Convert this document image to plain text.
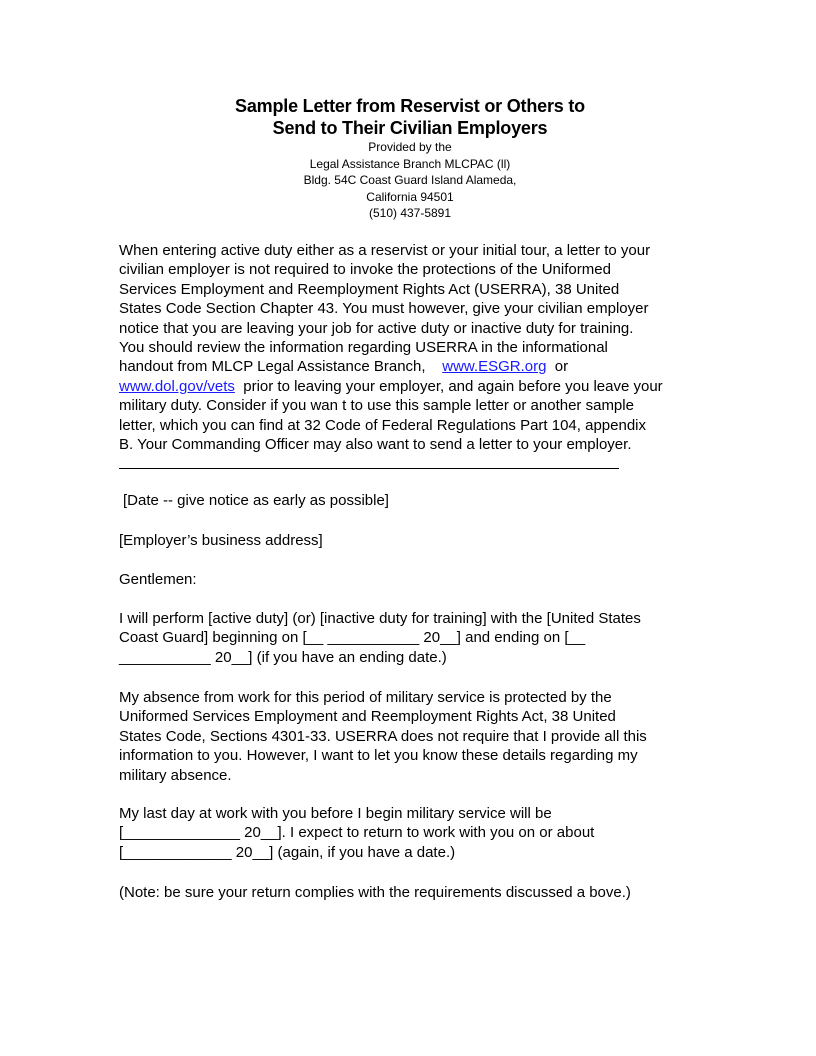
Sample Letter from Reservist or Others to
Send to Their Civilian Employers
Provided by the
Legal Assistance Branch MLCPAC (ll)
Bldg. 54C Coast Guard Island Alameda,
California 94501
(510) 437-5891
When entering active duty either as a reservist or your initial tour, a letter to your
civilian employer is not required to invoke the protections of the Uniformed
Services Employment and Reemployment Rights Act (USERRA), 38 United
States Code Section Chapter 43. You must however, give your civilian employer
notice that you are leaving your job for active duty or inactive duty for training.
You should review the information regarding USERRA in the informational
handout from MLCP Legal Assistance Branch, www.ESGR.org or
www.dol.gov/vets prior to leaving your employer, and again before you leave your
military duty. Consider if you wan t to use this sample letter or another sample
letter, which you can find at 32 Code of Federal Regulations Part 104, appendix
B. Your Commanding Officer may also want to send a letter to your employer.
[Date -- give notice as early as possible]
[Employer’s business address]
Gentlemen:
I will perform [active duty] (or) [inactive duty for training] with the [United States
Coast Guard] beginning on [__ ___________ 20__] and ending on [__
___________ 20__] (if you have an ending date.)
My absence from work for this period of military service is protected by the
Uniformed Services Employment and Reemployment Rights Act, 38 United
States Code, Sections 4301-33. USERRA does not require that I provide all this
information to you. However, I want to let you know these details regarding my
military absence.
My last day at work with you before I begin military service will be
[______________ 20__]. I expect to return to work with you on or about
[_____________ 20__] (again, if you have a date.)
(Note: be sure your return complies with the requirements discussed a bove.)
